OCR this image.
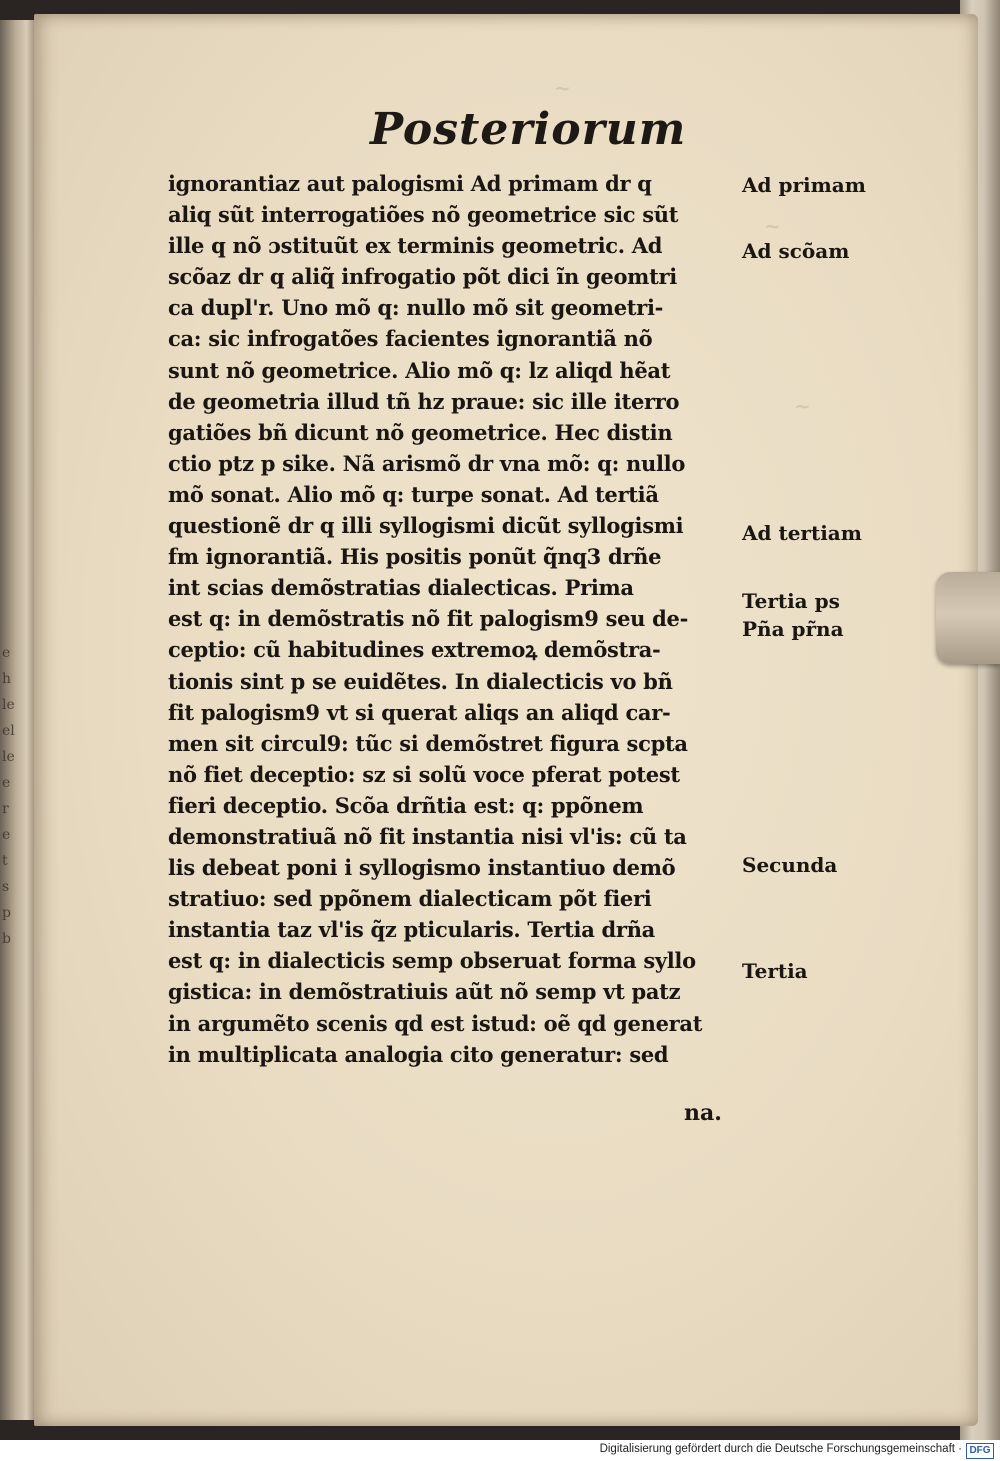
e
h
le
el
le
e
r
e
t
s
p
b
~
~
~
Posteriorum
ignorantiaz aut palogismi Ad primam dr q
aliq sũt interrogatiões nõ geometrice sic sũt
ille q nõ ɔstituũt ex terminis geometric. Ad
scõaz dr q aliq̃ infrogatio põt dici ĩn geomtri
ca dupl'r. Uno mõ q: nullo mõ sit geometri-
ca: sic infrogatões facientes ignorantiã nõ
sunt nõ geometrice. Alio mõ q: lz aliqd hẽat
de geometria illud tñ hz praue: sic ille iterro
gatiões bñ dicunt nõ geometrice. Hec distin
ctio ptz p sike. Nã arismõ dr vna mõ: q: nullo
mõ sonat. Alio mõ q: turpe sonat. Ad tertiã
questionẽ dr q illi syllogismi dicũt syllogismi
fm ignorantiã. His positis ponũt q̃nq3 drñe
int scias demõstratias dialecticas. Prima
est q: in demõstratis nõ fit palogism9 seu de-
ceptio: cũ habitudines extremoꝝ demõstra-
tionis sint p se euidẽtes. In dialecticis vo bñ
fit palogism9 vt si querat aliqs an aliqd car-
men sit circul9: tũc si demõstret figura scpta
nõ fiet deceptio: sz si solũ voce pferat potest
fieri deceptio. Scõa drñtia est: q: ppõnem
demonstratiuã nõ fit instantia nisi vl'is: cũ ta
lis debeat poni i syllogismo instantiuo demõ
stratiuo: sed ppõnem dialecticam põt fieri
instantia taz vl'is q̃z pticularis. Tertia drña
est q: in dialecticis semp obseruat forma syllo
gistica: in demõstratiuis aũt nõ semp vt patz
in argumẽto scenis qd est istud: oẽ qd generat
in multiplicata analogia cito generatur: sed
na.
Ad primam
Ad scõam
Ad tertiam
Tertia ps
Pña pr̃na
Secunda
Tertia
Digitalisierung gefördert durch die Deutsche Forschungsgemeinschaft · DFG
